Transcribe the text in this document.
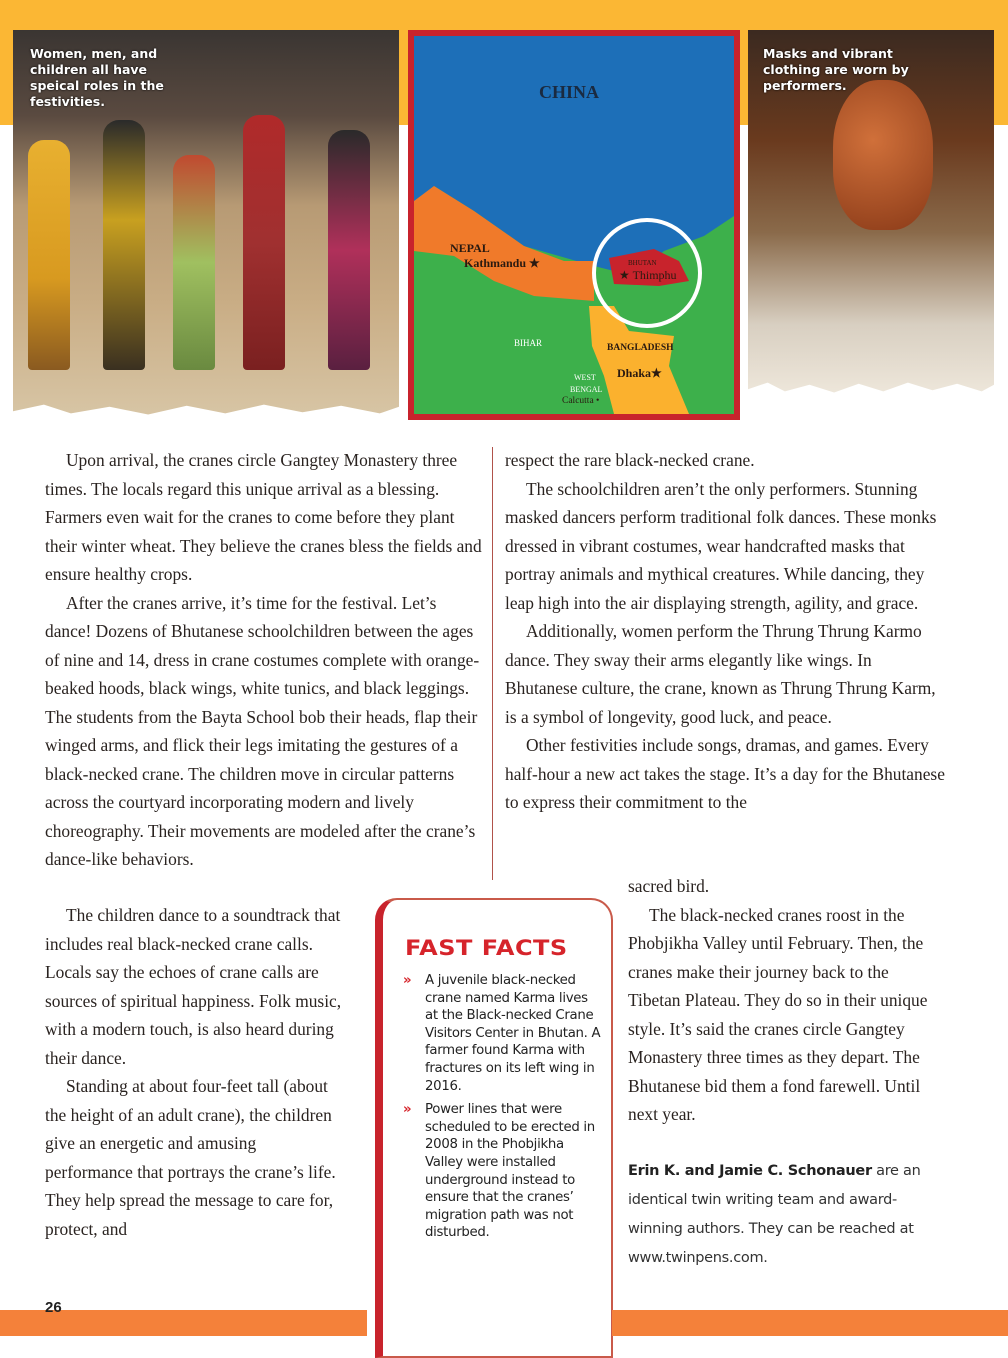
Women, men, and children all have speical roles in the festivities.	CHINA
NEPAL
Kathmandu ★	BHUTAN
★ Thimphu
BIHAR	BANGLADESH
Dhaka★
WEST
BENGAL
Calcutta •
Masks and vibrant clothing are worn by performers.

Upon arrival, the cranes circle Gangtey Monastery three times. The locals regard this unique arrival as a blessing. Farmers even wait for the cranes to come before they plant their winter wheat. They believe the cranes bless the fields and ensure healthy crops.

After the cranes arrive, it’s time for the festival. Let’s dance! Dozens of Bhutanese schoolchildren between the ages of nine and 14, dress in crane costumes complete with orange-beaked hoods, black wings, white tunics, and black leggings. The students from the Bayta School bob their heads, flap their winged arms, and flick their legs imitating the gestures of a black-necked crane. The children move in circular patterns across the courtyard incorporating modern and lively choreography. Their movements are modeled after the crane’s dance-like behaviors.

respect the rare black-necked crane.

The schoolchildren aren’t the only performers. Stunning masked dancers perform traditional folk dances. These monks dressed in vibrant costumes, wear handcrafted masks that portray animals and mythical creatures. While dancing, they leap high into the air displaying strength, agility, and grace.

Additionally, women perform the Thrung Thrung Karmo dance. They sway their arms elegantly like wings. In Bhutanese culture, the crane, known as Thrung Thrung Karm, is a symbol of longevity, good luck, and peace.

Other festivities include songs, dramas, and games. Every half-hour a new act takes the stage. It’s a day for the Bhutanese to express their commitment to the

The children dance to a soundtrack that includes real black-necked crane calls. Locals say the echoes of crane calls are sources of spiritual happiness. Folk music, with a modern touch, is also heard during their dance.

Standing at about four-feet tall (about the height of an adult crane), the children give an energetic and amusing performance that portrays the crane’s life. They help spread the message to care for, protect, and

sacred bird.

The black-necked cranes roost in the Phobjikha Valley until February. Then, the cranes make their journey back to the Tibetan Plateau. They do so in their unique style. It’s said the cranes circle Gangtey Monastery three times as they depart. The Bhutanese bid them a fond farewell. Until next year.

FAST FACTS
» A juvenile black-necked crane named Karma lives at the Black-necked Crane Visitors Center in Bhutan. A farmer found Karma with fractures on its left wing in 2016.
» Power lines that were scheduled to be erected in 2008 in the Phobjikha Valley were installed underground instead to ensure that the cranes’ migration path was not disturbed.
Erin K. and Jamie C. Schonauer are an identical twin writing team and award-winning authors. They can be reached at www.twinpens.com.
26
